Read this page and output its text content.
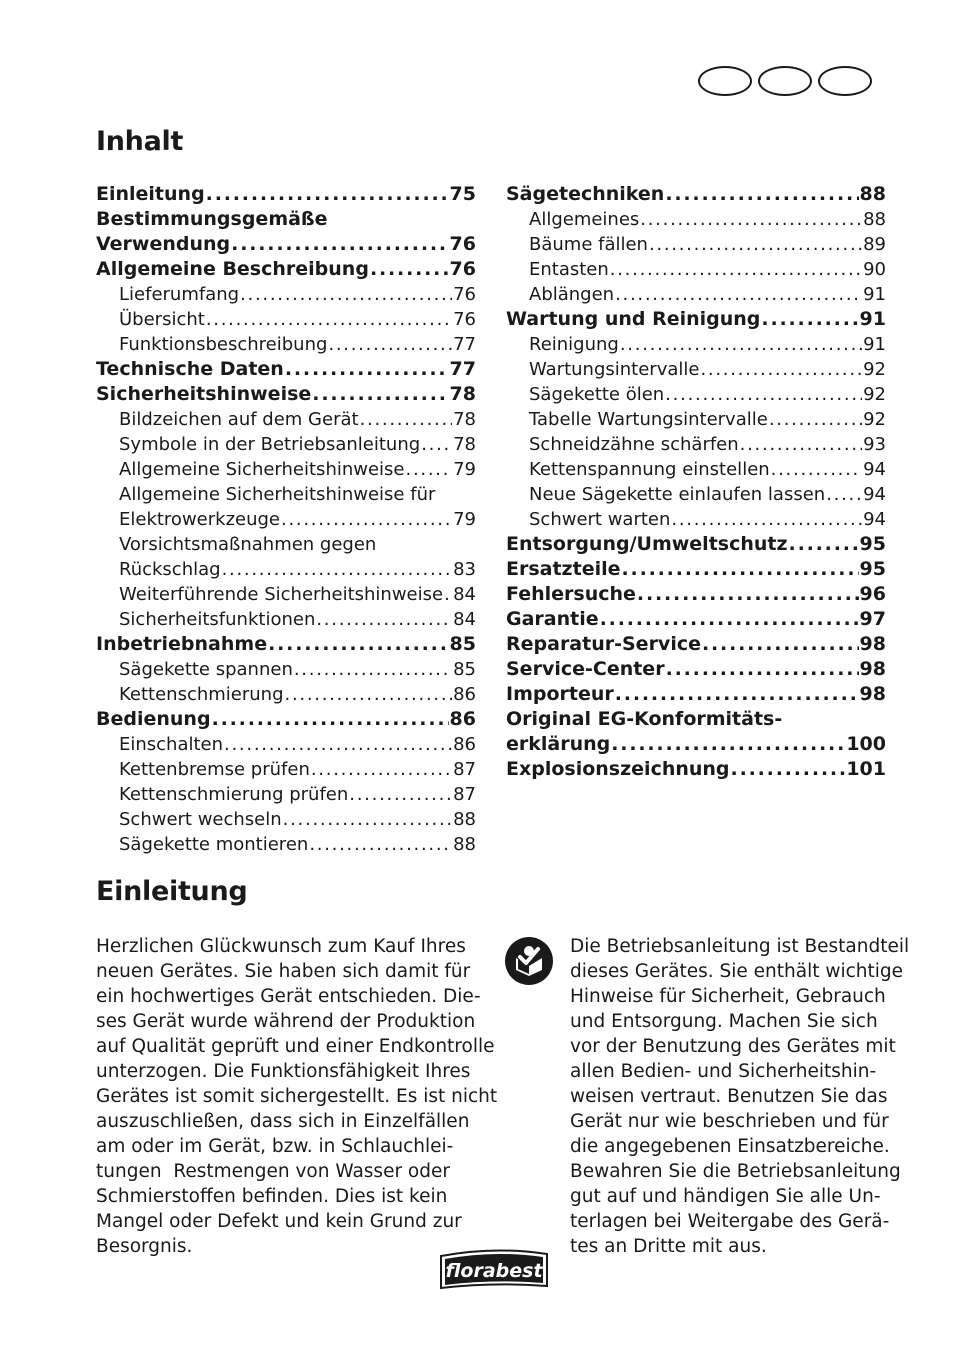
Inhalt
Einleitung . . .	75
Bestimmungsgemäße
Verwendung . . .	76
Allgemeine Beschreibung . . .	76
Lieferumfang . . .	76
Übersicht . . .	76
Funktionsbeschreibung . . .	77
Technische Daten . . .	77
Sicherheitshinweise . . .	78
Bildzeichen auf dem Gerät . . .	78
Symbole in der Betriebsanleitung . . . 78
Allgemeine Sicherheitshinweise . . .	79
Allgemeine Sicherheitshinweise für
Elektrowerkzeuge . . .	79
Vorsichtsmaßnahmen gegen
Rückschlag . . .	83
Weiterführende Sicherheitshinweise . . . 84
Sicherheitsfunktionen . . .	84
Inbetriebnahme . . .	85
Sägekette spannen . . .	85
Kettenschmierung . . .	86
Bedienung . . .	86
Einschalten . . .	86
Kettenbremse prüfen . . .	87
Kettenschmierung prüfen . . .	87
Schwert wechseln . . .	88
Sägekette montieren . . .	88
Sägetechniken . . .	88
Allgemeines . . .	88
Bäume fällen . . .	89
Entasten . . .	90
Ablängen . . .	91
Wartung und Reinigung . . .	91
Reinigung . . .	91
Wartungsintervalle . . .	92
Sägekette ölen . . .	92
Tabelle Wartungsintervalle . . .	92
Schneidzähne schärfen . . .	93
Kettenspannung einstellen . . .	94
Neue Sägekette einlaufen lassen . . . 94
Schwert warten . . .	94
Entsorgung/Umweltschutz . . .	95
Ersatzteile . . .	95
Fehlersuche . . .	96
Garantie . . .	97
Reparatur-Service . . .	98
Service-Center . . .	98
Importeur . . .	98
Original EG-Konformitäts-
erklärung . . .	100
Explosionszeichnung . . .	101
Einleitung
Herzlichen Glückwunsch zum Kauf Ihres
neuen Gerätes. Sie haben sich damit für
ein hochwertiges Gerät entschieden. Die-
ses Gerät wurde während der Produktion
auf Qualität geprüft und einer Endkontrolle
unterzogen. Die Funktionsfähigkeit Ihres
Gerätes ist somit sichergestellt. Es ist nicht
auszuschließen, dass sich in Einzelfällen
am oder im Gerät, bzw. in Schlauchlei-
tungen  Restmengen von Wasser oder
Schmierstoffen befinden. Dies ist kein
Mangel oder Defekt und kein Grund zur
Besorgnis.
Die Betriebsanleitung ist Bestandteil
dieses Gerätes. Sie enthält wichtige
Hinweise für Sicherheit, Gebrauch
und Entsorgung. Machen Sie sich
vor der Benutzung des Gerätes mit
allen Bedien- und Sicherheitshin-
weisen vertraut. Benutzen Sie das
Gerät nur wie beschrieben und für
die angegebenen Einsatzbereiche.
Bewahren Sie die Betriebsanleitung
gut auf und händigen Sie alle Un-
terlagen bei Weitergabe des Gerä-
tes an Dritte mit aus.
florabest
